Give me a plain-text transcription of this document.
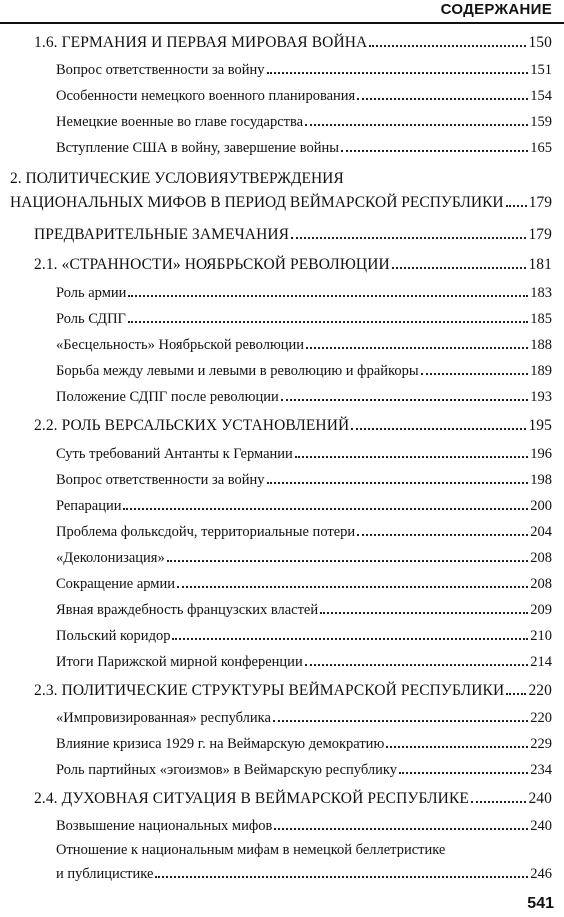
СОДЕРЖАНИЕ
1.6. ГЕРМАНИЯ И ПЕРВАЯ МИРОВАЯ ВОЙНА	150
Вопрос ответственности за войну	151
Особенности немецкого военного планирования	154
Немецкие военные во главе государства	159
Вступление США в войну, завершение войны	165
2. ПОЛИТИЧЕСКИЕ УСЛОВИЯУТВЕРЖДЕНИЯ
НАЦИОНАЛЬНЫХ МИФОВ В ПЕРИОД ВЕЙМАРСКОЙ РЕСПУБЛИКИ 179
ПРЕДВАРИТЕЛЬНЫЕ ЗАМЕЧАНИЯ	179
2.1. «СТРАННОСТИ» НОЯБРЬСКОЙ РЕВОЛЮЦИИ	181
Роль армии	183
Роль СДПГ	185
«Бесцельность» Ноябрьской революции	188
Борьба между левыми и левыми в революцию и фрайкоры	189
Положение СДПГ после революции	193
2.2. РОЛЬ ВЕРСАЛЬСКИХ УСТАНОВЛЕНИЙ	195
Суть требований Антанты к Германии	196
Вопрос ответственности за войну	198
Репарации	200
Проблема фольксдойч, территориальные потери	204
«Деколонизация»	208
Сокращение армии	208
Явная враждебность французских властей	209
Польский коридор	210
Итоги Парижской мирной конференции	214
2.3. ПОЛИТИЧЕСКИЕ СТРУКТУРЫ ВЕЙМАРСКОЙ РЕСПУБЛИКИ 220
«Импровизированная» республика	220
Влияние кризиса 1929 г. на Веймарскую демократию	229
Роль партийных «эгоизмов» в Веймарскую республику	234
2.4. ДУХОВНАЯ СИТУАЦИЯ В ВЕЙМАРСКОЙ РЕСПУБЛИКЕ	240
Возвышение национальных мифов	240
Отношение к национальным мифам в немецкой беллетристике
и публицистике	246
541
